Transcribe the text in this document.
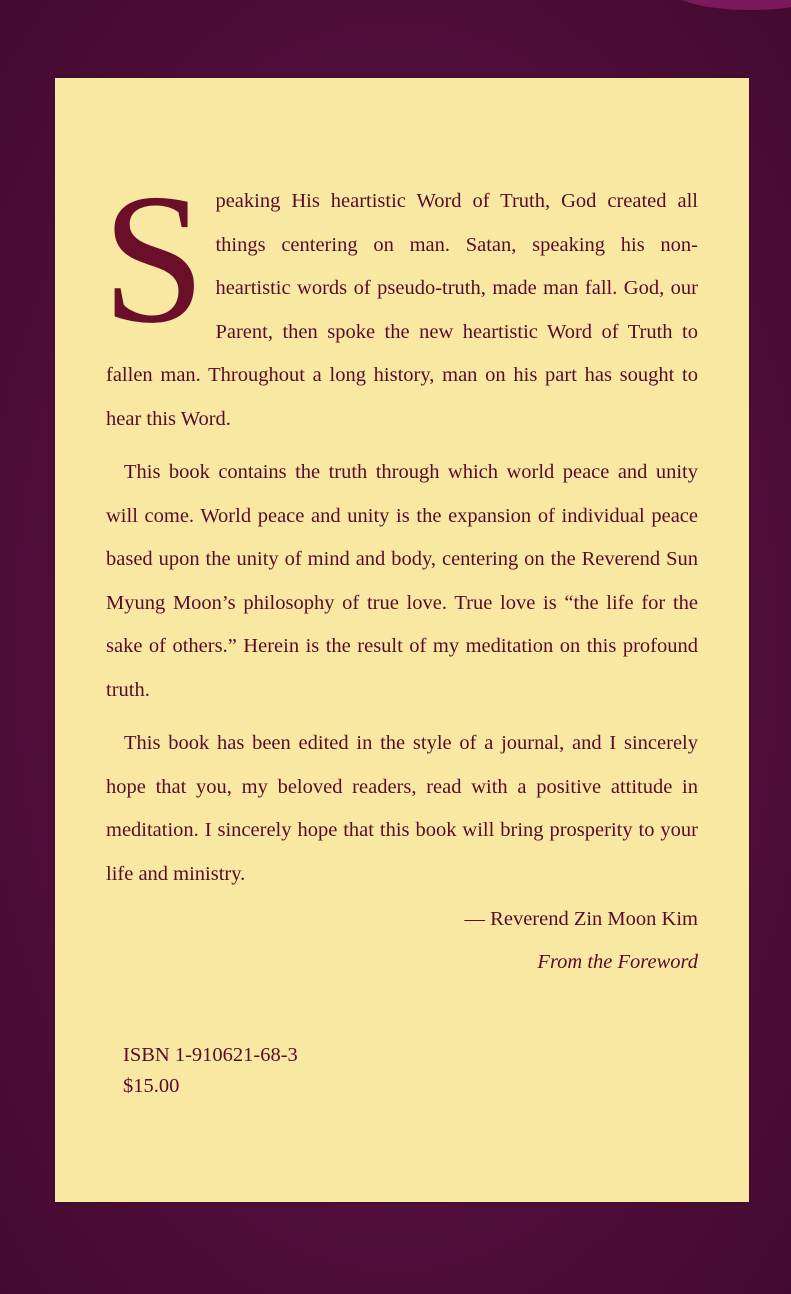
Speaking His heartistic Word of Truth, God created all things centering on man. Satan, speaking his non-heartistic words of pseudo-truth, made man fall. God, our Parent, then spoke the new heartistic Word of Truth to fallen man. Throughout a long history, man on his part has sought to hear this Word.

This book contains the truth through which world peace and unity will come. World peace and unity is the expansion of individual peace based upon the unity of mind and body, centering on the Reverend Sun Myung Moon’s philosophy of true love. True love is “the life for the sake of others.” Herein is the result of my meditation on this profound truth.

This book has been edited in the style of a journal, and I sincerely hope that you, my beloved readers, read with a positive attitude in meditation. I sincerely hope that this book will bring prosperity to your life and ministry.

— Reverend Zin Moon Kim
From the Foreword
ISBN 1-910621-68-3
$15.00
